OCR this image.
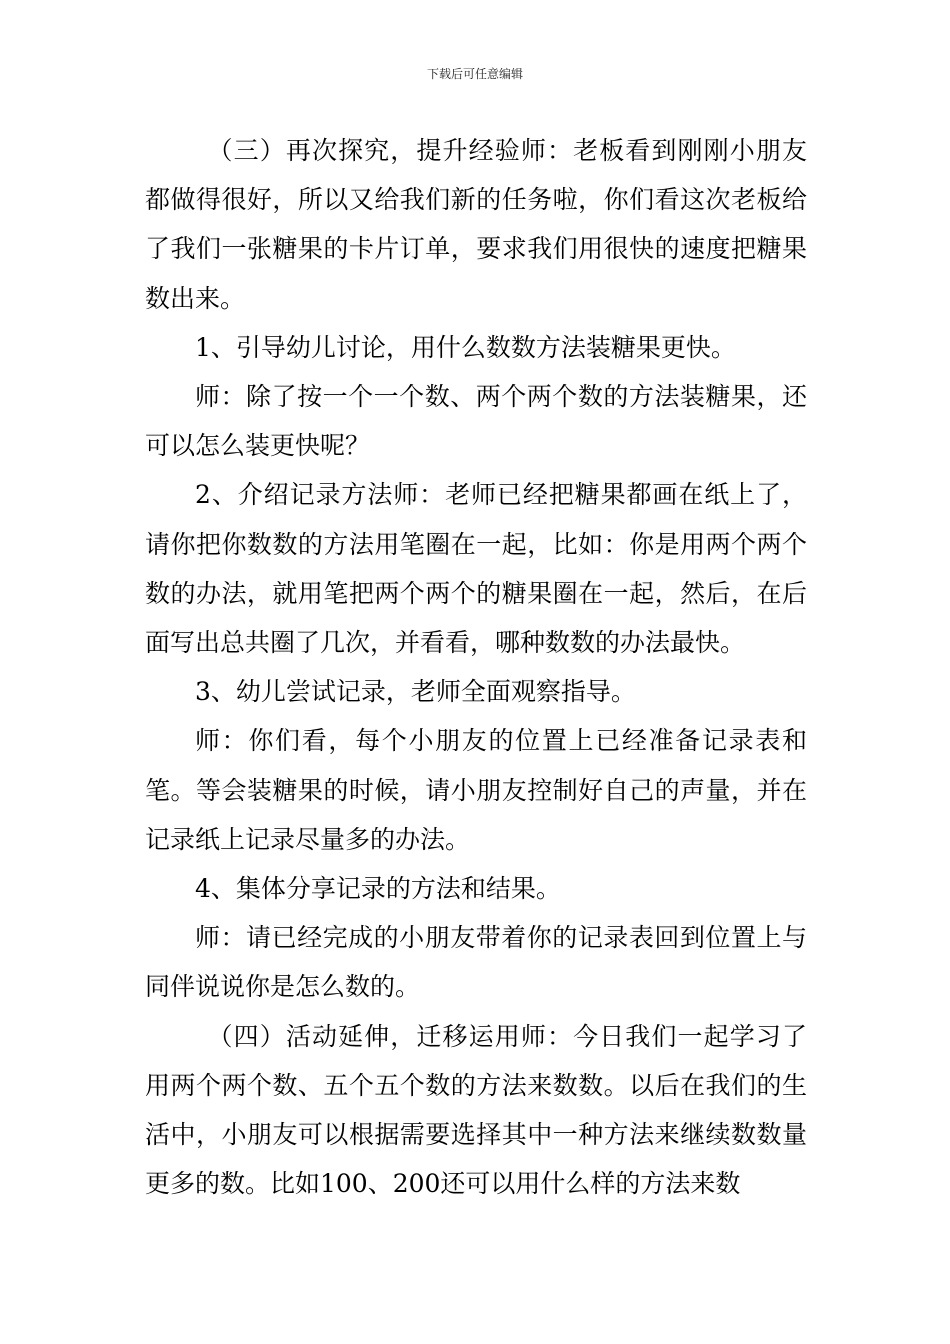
下载后可任意编辑

（三）再次探究，提升经验师：老板看到刚刚小朋友都做得很好，所以又给我们新的任务啦，你们看这次老板给了我们一张糖果的卡片订单，要求我们用很快的速度把糖果数出来。

1、引导幼儿讨论，用什么数数方法装糖果更快。

师：除了按一个一个数、两个两个数的方法装糖果，还可以怎么装更快呢？

2、介绍记录方法师：老师已经把糖果都画在纸上了，请你把你数数的方法用笔圈在一起，比如：你是用两个两个数的办法，就用笔把两个两个的糖果圈在一起，然后，在后面写出总共圈了几次，并看看，哪种数数的办法最快。

3、幼儿尝试记录，老师全面观察指导。

师：你们看，每个小朋友的位置上已经准备记录表和笔。等会装糖果的时候，请小朋友控制好自己的声量，并在记录纸上记录尽量多的办法。

4、集体分享记录的方法和结果。

师：请已经完成的小朋友带着你的记录表回到位置上与同伴说说你是怎么数的。

（四）活动延伸，迁移运用师：今日我们一起学习了用两个两个数、五个五个数的方法来数数。以后在我们的生活中，小朋友可以根据需要选择其中一种方法来继续数数量更多的数。比如100、200还可以用什么样的方法来数
